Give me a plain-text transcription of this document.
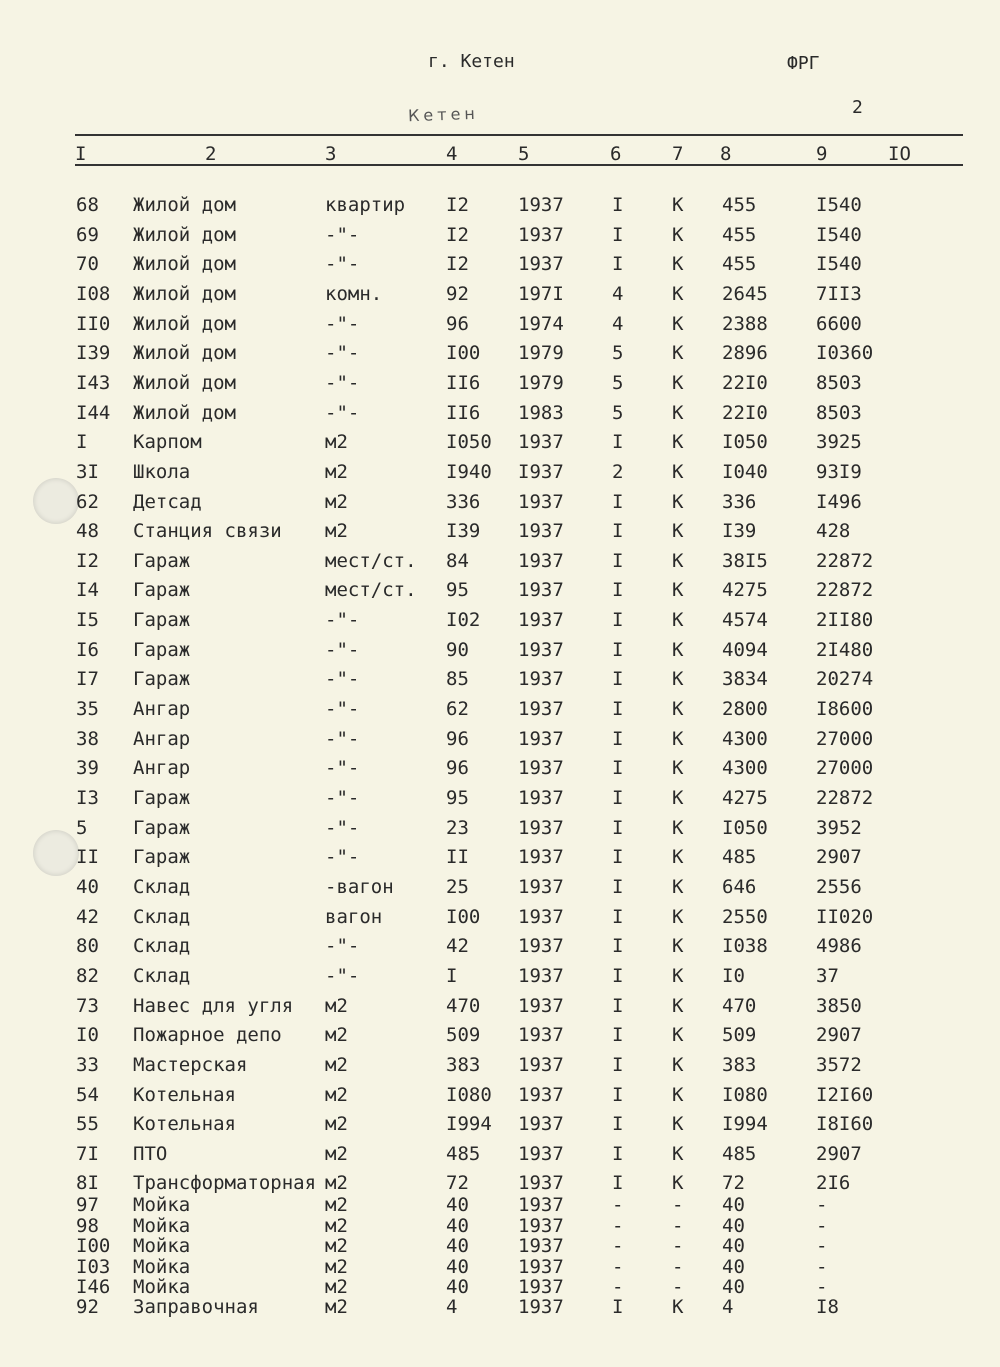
г. Кетен	ФРГ
Кетен	2
I	2	3	4	5	6	7 8	9	IO
68 Жилой дом	квартир I2	1937	I	К 455	I540
69 Жилой дом	-"-	I2	1937	I	К 455	I540
70 Жилой дом	-"-	I2	1937	I	К 455	I540
I08 Жилой дом	комн.	92	197I	4	К 2645	7II3
II0 Жилой дом	-"-	96	1974	4	К 2388	6600
I39 Жилой дом	-"-	I00 1979	5	К 2896	I0360
I43 Жилой дом	-"-	II6 1979	5	К 22I0	8503
I44 Жилой дом	-"-	II6 1983	5	К 22I0	8503
I Карпом	м2	I050 1937	I	К I050	3925
3I Школа	м2	I940 I937	2	К I040	93I9
62 Детсад	м2	336 1937	I	К 336	I496
48 Станция связи м2	I39 1937	I	К I39	428
I2 Гараж	мест/ст. 84	1937	I	К 38I5	22872
I4 Гараж	мест/ст. 95	1937	I	К 4275	22872
I5 Гараж	-"-	I02 1937	I	К 4574	2II80
I6 Гараж	-"-	90	1937	I	К 4094	2I480
I7 Гараж	-"-	85	1937	I	К 3834	20274
35 Ангар	-"-	62	1937	I	К 2800	I8600
38 Ангар	-"-	96	1937	I	К 4300	27000
39 Ангар	-"-	96	1937	I	К 4300	27000
I3 Гараж	-"-	95	1937	I	К 4275	22872
5 Гараж	-"-	23	1937	I	К I050	3952
II Гараж	-"-	II	1937	I	К 485	2907
40 Склад	-вагон	25	1937	I	К 646	2556
42 Склад	вагон	I00 1937	I	К 2550	II020
80 Склад	-"-	42	1937	I	К I038	4986
82 Склад	-"-	I	1937	I	К I0	37
73 Навес для угля м2	470 1937	I	К 470	3850
I0 Пожарное депо м2	509 1937	I	К 509	2907
33 Мастерская	м2	383 1937	I	К 383	3572
54 Котельная	м2	I080 1937	I	К I080	I2I60
55 Котельная	м2	I994 1937	I	К I994	I8I60
7I ПТО	м2	485 1937	I	К 485	2907
8I Трансформаторная м2	72	1937	I	К 72	2I6
97 Мойка	м2	40	1937	-	- 40	-
98 Мойка	м2	40	1937	-	- 40	-
I00 Мойка	м2	40	1937	-	- 40	-
I03 Мойка	м2	40	1937	-	- 40	-
I46 Мойка	м2	40	1937	-	- 40	-
92 Заправочная	м2	4	1937	I	К 4	I8
